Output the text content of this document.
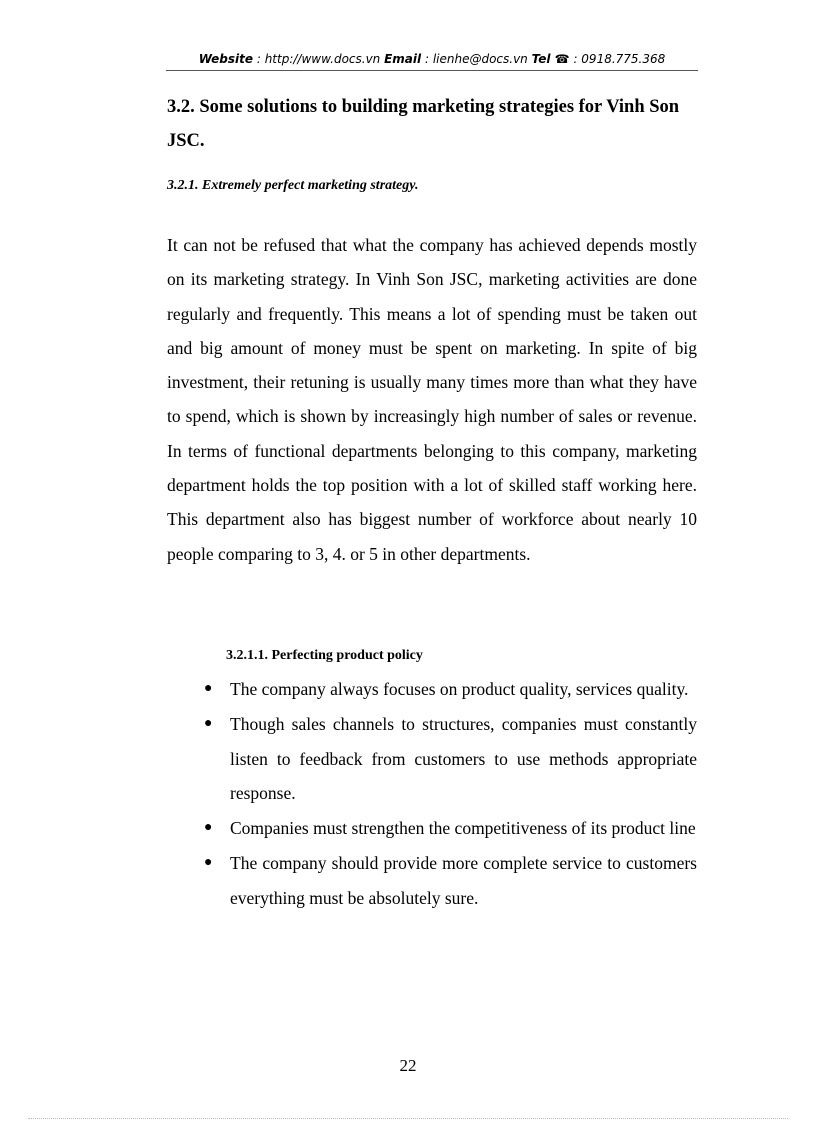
Website : http://www.docs.vn Email : lienhe@docs.vn Tel ☎ : 0918.775.368
3.2. Some solutions to building marketing strategies for Vinh Son JSC.
3.2.1. Extremely perfect marketing strategy.

It can not be refused that what the company has achieved depends mostly on its marketing strategy. In Vinh Son JSC, marketing activities are done regularly and frequently. This means a lot of spending must be taken out and big amount of money must be spent on marketing. In spite of big investment, their retuning is usually many times more than what they have to spend, which is shown by increasingly high number of sales or revenue. In terms of functional departments belonging to this company, marketing department holds the top position with a lot of skilled staff working here. This department also has biggest number of workforce about nearly 10 people comparing to 3, 4. or 5 in other departments.

3.2.1.1. Perfecting product policy
● The company always focuses on product quality, services quality.
● Though sales channels to structures, companies must constantly listen to feedback from customers to use methods appropriate response.
● Companies must strengthen the competitiveness of its product line
● The company should provide more complete service to customers everything must be absolutely sure.
22
